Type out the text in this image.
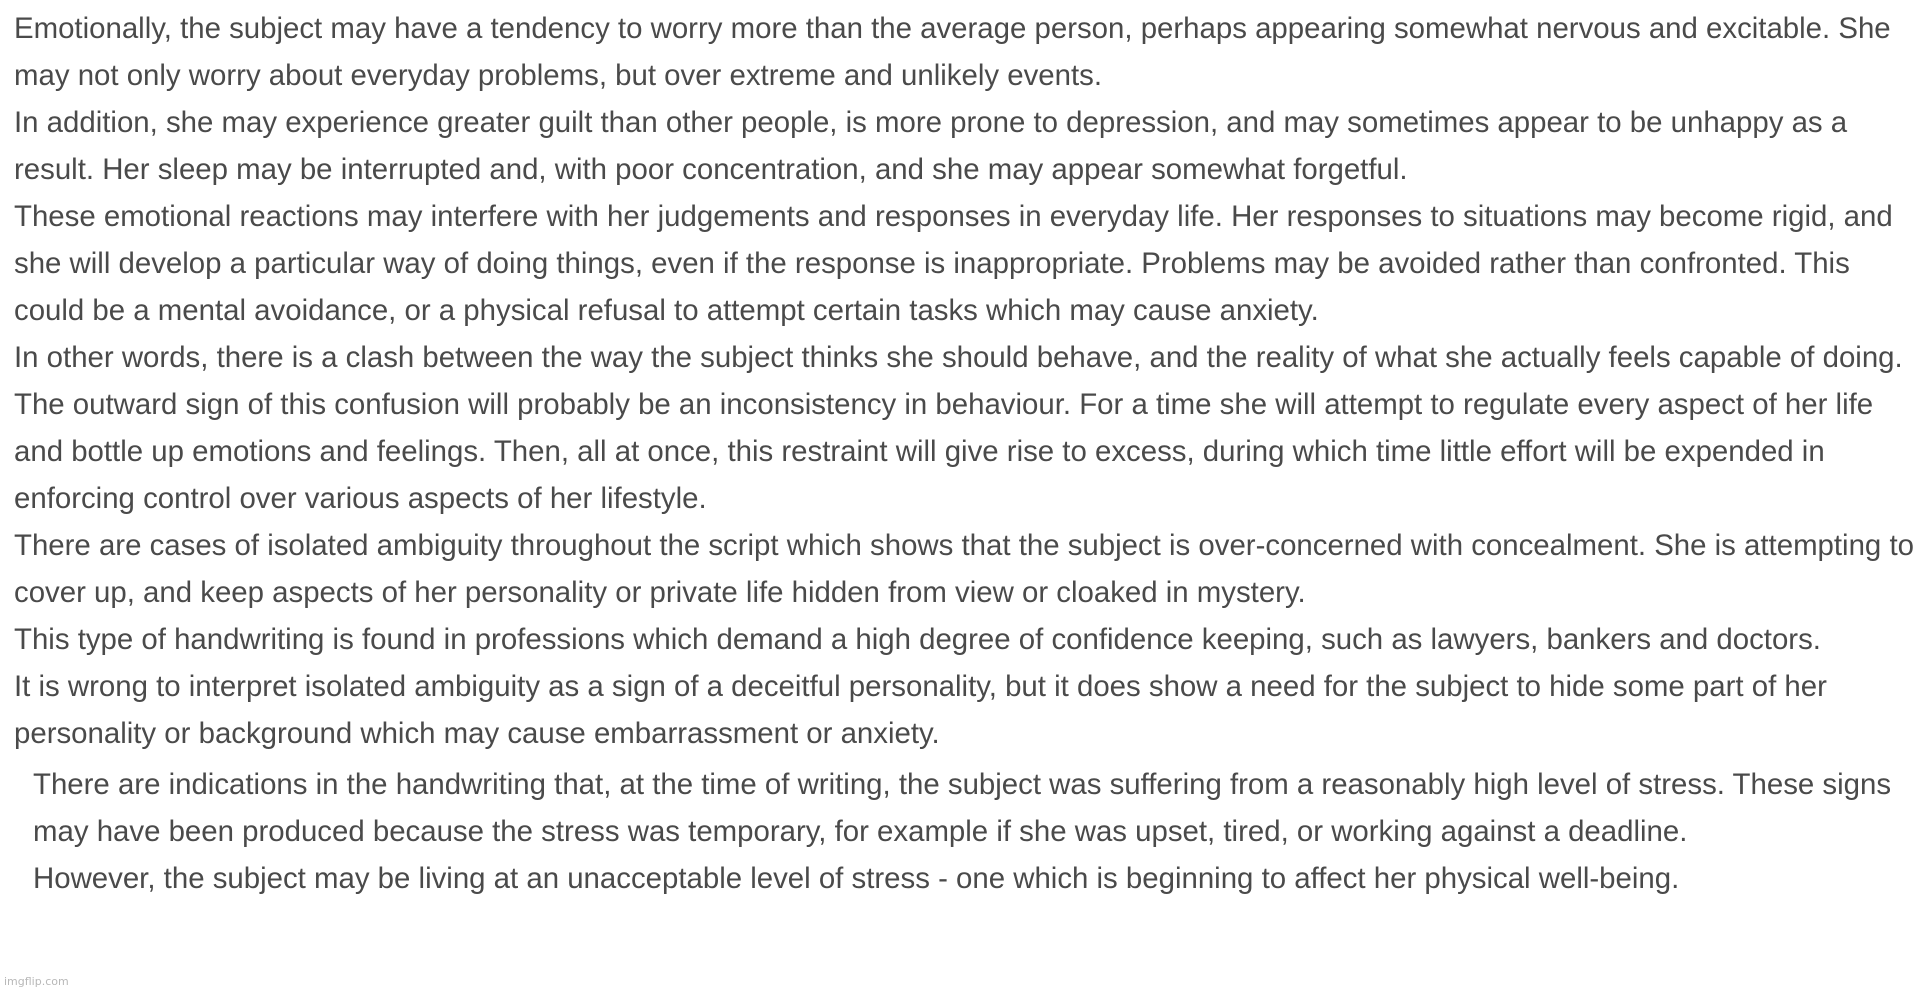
Emotionally, the subject may have a tendency to worry more than the average person, perhaps appearing somewhat nervous and excitable. She may not only worry about everyday problems, but over extreme and unlikely events.

In addition, she may experience greater guilt than other people, is more prone to depression, and may sometimes appear to be unhappy as a result. Her sleep may be interrupted and, with poor concentration, and she may appear somewhat forgetful.

These emotional reactions may interfere with her judgements and responses in everyday life. Her responses to situations may become rigid, and she will develop a particular way of doing things, even if the response is inappropriate. Problems may be avoided rather than confronted. This could be a mental avoidance, or a physical refusal to attempt certain tasks which may cause anxiety.

In other words, there is a clash between the way the subject thinks she should behave, and the reality of what she actually feels capable of doing. The outward sign of this confusion will probably be an inconsistency in behaviour. For a time she will attempt to regulate every aspect of her life and bottle up emotions and feelings. Then, all at once, this restraint will give rise to excess, during which time little effort will be expended in enforcing control over various aspects of her lifestyle.

There are cases of isolated ambiguity throughout the script which shows that the subject is over-concerned with concealment. She is attempting to cover up, and keep aspects of her personality or private life hidden from view or cloaked in mystery.

This type of handwriting is found in professions which demand a high degree of confidence keeping, such as lawyers, bankers and doctors.

It is wrong to interpret isolated ambiguity as a sign of a deceitful personality, but it does show a need for the subject to hide some part of her personality or background which may cause embarrassment or anxiety.

There are indications in the handwriting that, at the time of writing, the subject was suffering from a reasonably high level of stress. These signs may have been produced because the stress was temporary, for example if she was upset, tired, or working against a deadline.

However, the subject may be living at an unacceptable level of stress - one which is beginning to affect her physical well-being.

imgflip.com
